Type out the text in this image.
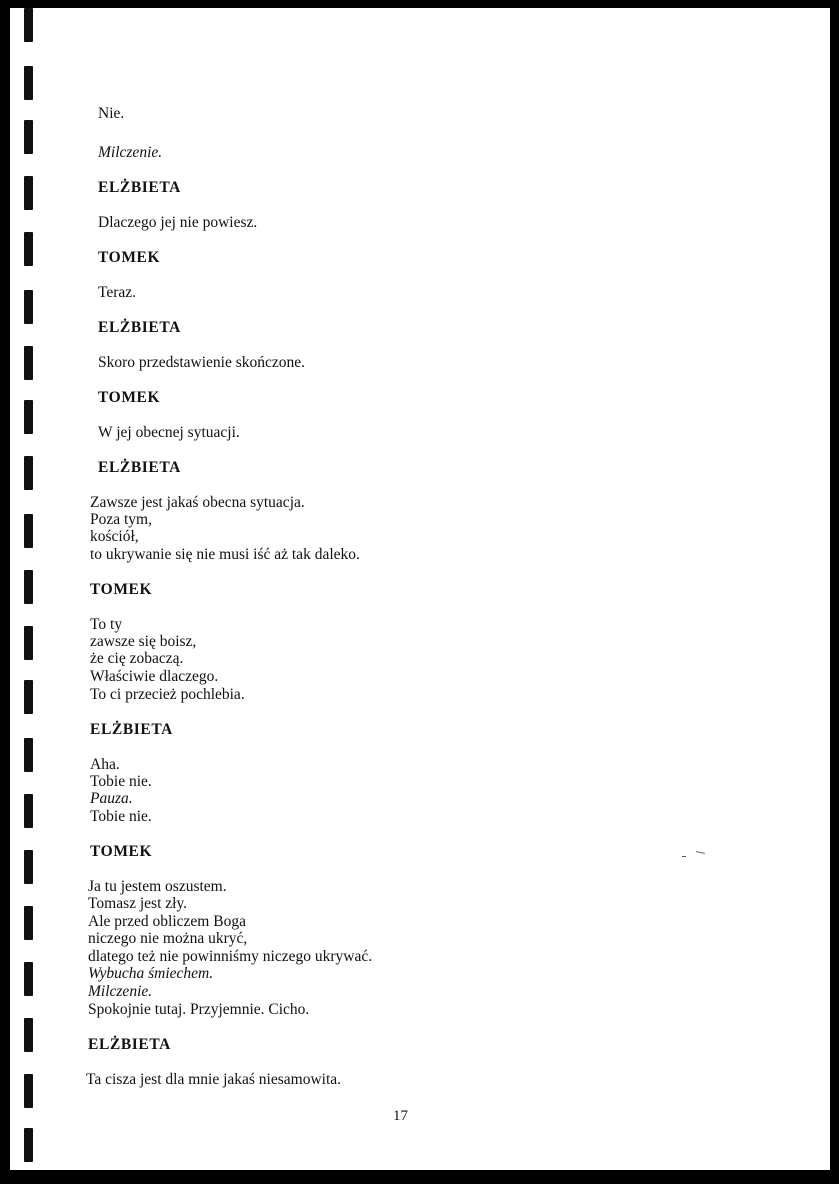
Nie.

Milczenie.

ELŻBIETA

Dlaczego jej nie powiesz.

TOMEK

Teraz.

ELŻBIETA

Skoro przedstawienie skończone.

TOMEK

W jej obecnej sytuacji.

ELŻBIETA

Zawsze jest jakaś obecna sytuacja.

Poza tym,

kościół,

to ukrywanie się nie musi iść aż tak daleko.

TOMEK

To ty

zawsze się boisz,

że cię zobaczą.

Właściwie dlaczego.

To ci przecież pochlebia.

ELŻBIETA

Aha.

Tobie nie.

Pauza.

Tobie nie.

TOMEK

Ja tu jestem oszustem.

Tomasz jest zły.

Ale przed obliczem Boga

niczego nie można ukryć,

dlatego też nie powinniśmy niczego ukrywać.

Wybucha śmiechem.

Milczenie.

Spokojnie tutaj. Przyjemnie. Cicho.

ELŻBIETA

Ta cisza jest dla mnie jakaś niesamowita.

17
